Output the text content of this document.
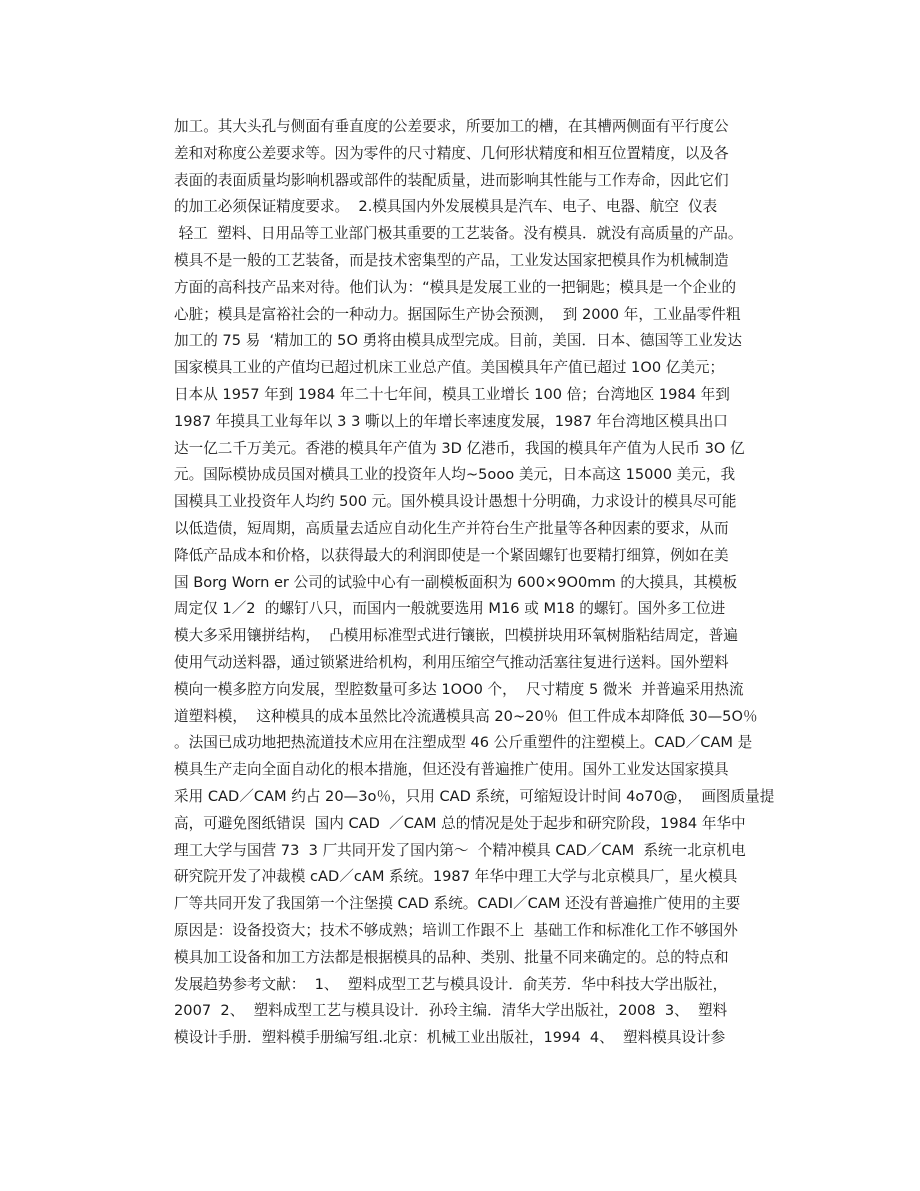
加工。其大头孔与侧面有垂直度的公差要求，所要加工的槽，在其槽两侧面有平行度公
差和对称度公差要求等。因为零件的尺寸精度、几何形状精度和相互位置精度，以及各
表面的表面质量均影响机器或部件的装配质量，进而影响其性能与工作寿命，因此它们
的加工必须保证精度要求。  2.模具国内外发展模具是汽车、电子、电器、航空  仪表
轻工  塑料、日用品等工业部门极其重要的工艺装备。没有模具．就没有高质量的产品。
模具不是一般的工艺装备，而是技术密集型的产品，工业发达国家把模具作为机械制造
方面的高科技产品来对待。他们认为：“模具是发展工业的一把铜匙；模具是一个企业的
心脏；模具是富裕社会的一种动力。据国际生产协会预测，  到 2000 年，工业晶零件粗
加工的 75 易  ‘精加工的 5O 勇将由模具成型完成。目前，美国．日本、德国等工业发达
国家模具工业的产值均已超过机床工业总产值。美国模具年产值已超过 1O0 亿美元；
日本从 1957 年到 1984 年二十七年间，模具工业增长 100 倍；台湾地区 1984 年到
1987 年摸具工业每年以 3 3 嘶以上的年增长率速度发展，1987 年台湾地区模具出口
达一亿二千万美元。香港的模具年产值为 3D 亿港币，我国的模具年产值为人民币 3O 亿
元。国际模协成员国对横具工业的投资年人均~5ooo 美元，日本高这 15000 美元，我
国模具工业投资年人均约 500 元。国外模具设计愚想十分明确，力求设计的模具尽可能
以低造债，短周期，高质量去适应自动化生产并符台生产批量等各种因素的要求，从而
降低产品成本和价格，以获得最大的利润即使是一个紧固螺钉也要精打细算，例如在美
国 Borg Worn er 公司的试验中心有一副模板面积为 600×9O0mm 的大摸具，其模板
周定仅 1／2  的螺钉八只，而国内一般就要选用 M16 或 M18 的螺钉。国外多工位进
模大多采用镶拼结构，  凸模用标准型式进行镶嵌，凹模拼块用环氧树脂粘结周定，普遍
使用气动送料器，通过锁紧进给机构，利用压缩空气推动活塞往复进行送料。国外塑料
模向一模多腔方向发展，型腔数量可多达 1OO0 个，  尺寸精度 5 微米  并普遍采用热流
道塑料模，  这种模具的成本虽然比冷流遘模具高 20~20％  但工件成本却降低 30—5O％
。法国已成功地把热流道技术应用在注塑成型 46 公斤重塑件的注塑模上。CAD／CAM 是
模具生产走向全面自动化的根本措施，但还没有普遍推广使用。国外工业发达国家摸具
采用 CAD／CAM 约占 20—3o％，只用 CAD 系统，可缩短设计时间 4o70@，  画图质量提
高，可避免图纸错误  国内 CAD  ／CAM 总的情况是处于起步和研究阶段，1984 年华中
理工大学与国营 73  3 厂共同开发了国内第～  个精冲模具 CAD／CAM  系统一北京机电
研究院开发了冲裁模 cAD／cAM 系统。1987 年华中理工大学与北京模具厂，星火模具
厂等共同开发了我国第一个注堡摸 CAD 系统。CADI／CAM 还没有普遍推广使用的主要
原因是：设备投资大；技术不够成熟；培训工作跟不上  基础工作和标准化工作不够国外
模具加工设备和加工方法都是根据模具的品种、类别、批量不同来确定的。总的特点和
发展趋势参考文献：  1、  塑料成型工艺与模具设计．俞芙芳．华中科技大学出版社，
2007  2、  塑料成型工艺与模具设计．孙玲主编．清华大学出版社，2008  3、  塑料
模设计手册．塑料模手册编写组.北京：机械工业出版社，1994  4、  塑料模具设计参
